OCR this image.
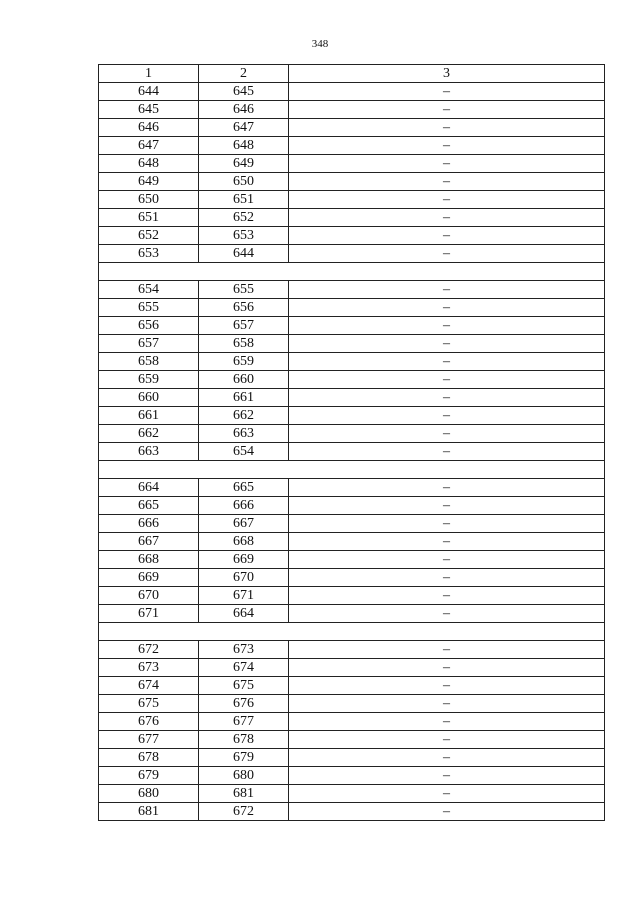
348
1	2	3
644	645	–
645	646	–
646	647	–
647	648	–
648	649	–
649	650	–
650	651	–
651	652	–
652	653	–
653	644	–

654	655	–
655	656	–
656	657	–
657	658	–
658	659	–
659	660	–
660	661	–
661	662	–
662	663	–
663	654	–

664	665	–
665	666	–
666	667	–
667	668	–
668	669	–
669	670	–
670	671	–
671	664	–

672	673	–
673	674	–
674	675	–
675	676	–
676	677	–
677	678	–
678	679	–
679	680	–
680	681	–
681	672	–
